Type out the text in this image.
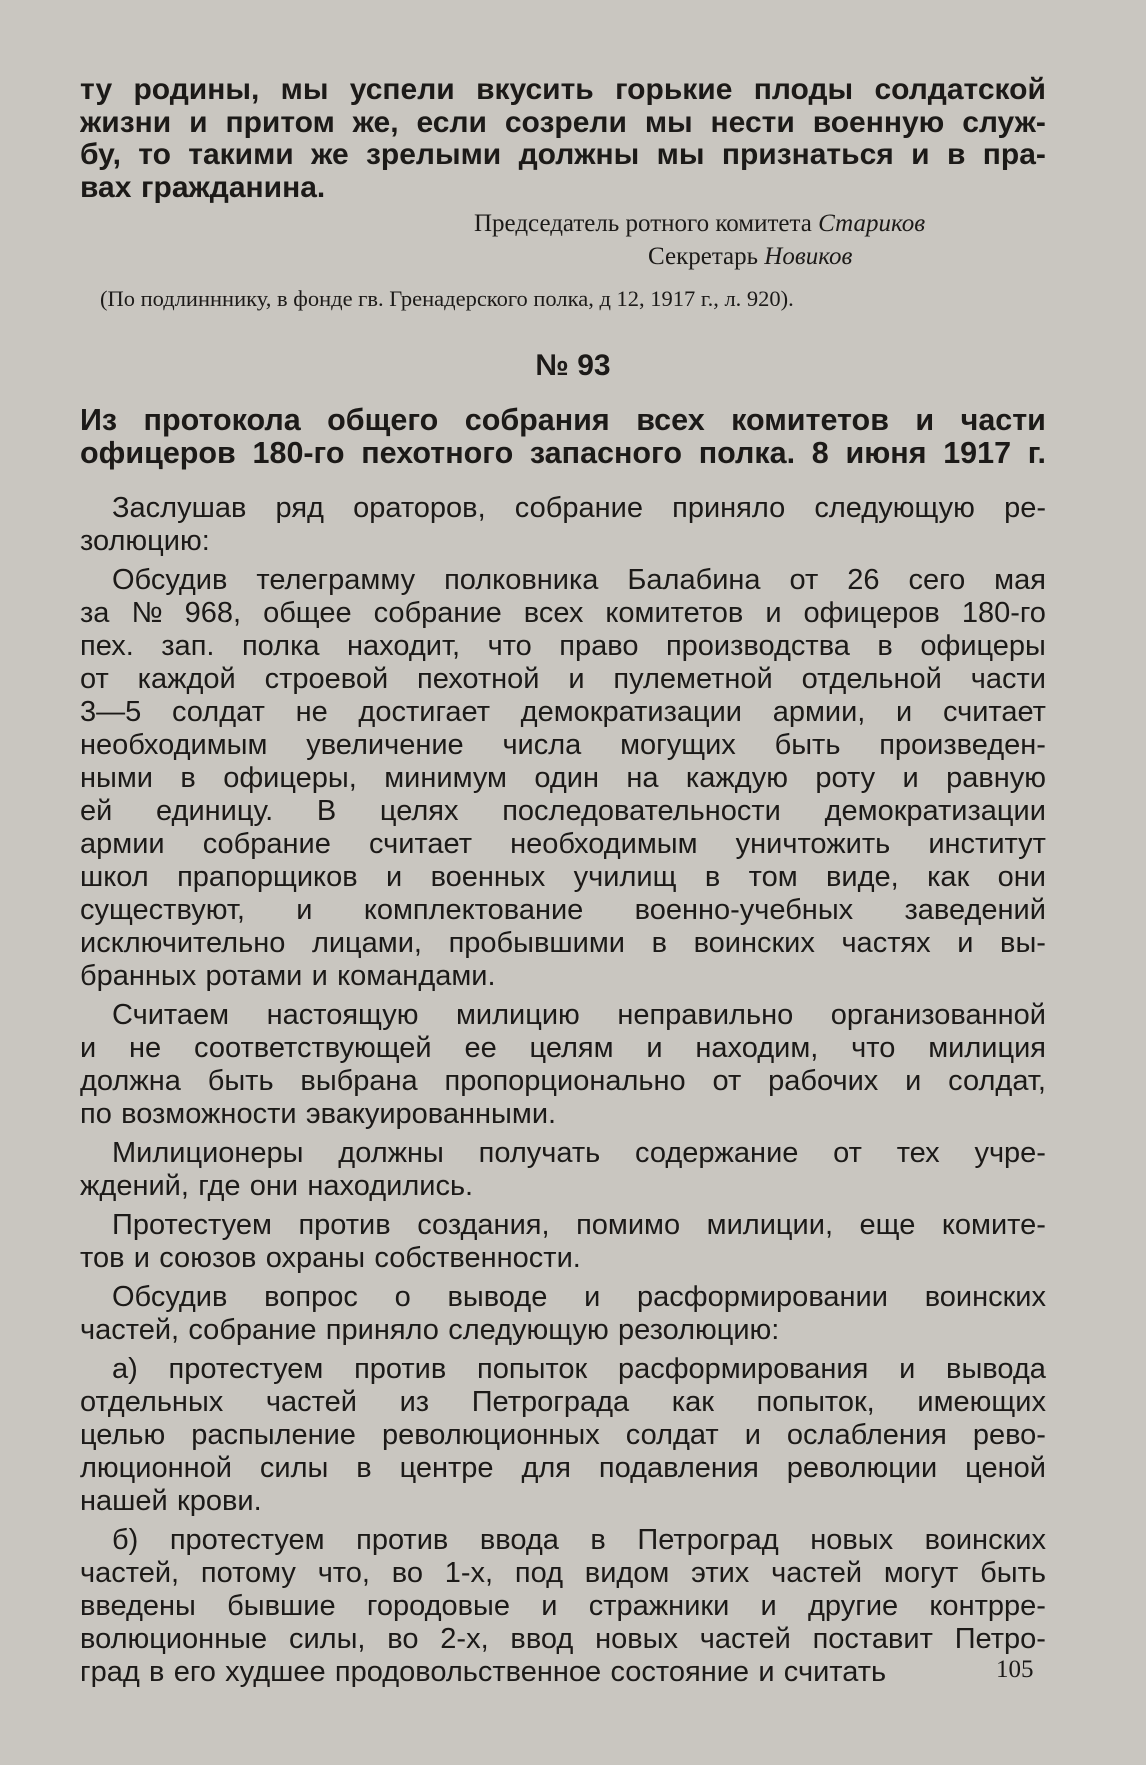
ту родины, мы успели вкусить горькие плоды солдатской
жизни и притом же, если созрели мы нести военную служ-
бу, то такими же зрелыми должны мы признаться и в пра-
вах гражданина.
Председатель ротного комитета Стариков
Секретарь Новиков
(По подлинннику, в фонде гв. Гренадерского полка, д 12, 1917 г., л. 920).
№ 93
Из протокола общего собрания всех комитетов и части
офицеров 180-го пехотного запасного полка. 8 июня 1917 г.
Заслушав ряд ораторов, собрание приняло следующую ре-
золюцию:
Обсудив телеграмму полковника Балабина от 26 сего мая
за № 968, общее собрание всех комитетов и офицеров 180-го
пех. зап. полка находит, что право производства в офицеры
от каждой строевой пехотной и пулеметной отдельной части
3—5 солдат не достигает демократизации армии, и считает
необходимым увеличение числа могущих быть произведен-
ными в офицеры, минимум один на каждую роту и равную
ей единицу. В целях последовательности демократизации
армии собрание считает необходимым уничтожить институт
школ прапорщиков и военных училищ в том виде, как они
существуют, и комплектование военно-учебных заведений
исключительно лицами, пробывшими в воинских частях и вы-
бранных ротами и командами.
Считаем настоящую милицию неправильно организованной
и не соответствующей ее целям и находим, что милиция
должна быть выбрана пропорционально от рабочих и солдат,
по возможности эвакуированными.
Милиционеры должны получать содержание от тех учре-
ждений, где они находились.
Протестуем против создания, помимо милиции, еще комите-
тов и союзов охраны собственности.
Обсудив вопрос о выводе и расформировании воинских
частей, собрание приняло следующую резолюцию:
а) протестуем против попыток расформирования и вывода
отдельных частей из Петрограда как попыток, имеющих
целью распыление революционных солдат и ослабления рево-
люционной силы в центре для подавления революции ценой
нашей крови.
б) протестуем против ввода в Петроград новых воинских
частей, потому что, во 1-х, под видом этих частей могут быть
введены бывшие городовые и стражники и другие контрре-
волюционные силы, во 2-х, ввод новых частей поставит Петро-
град в его худшее продовольственное состояние и считать	105
